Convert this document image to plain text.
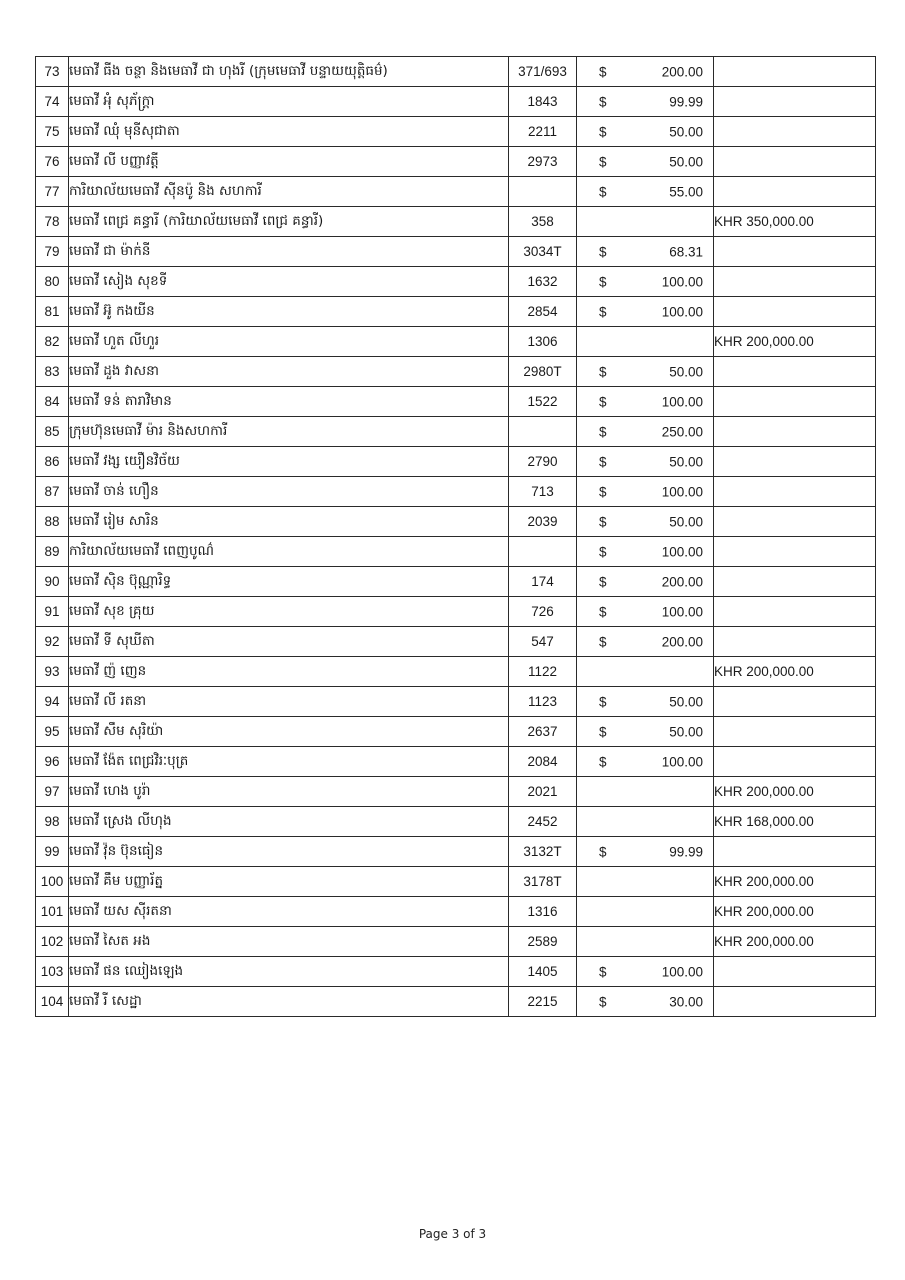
73	មេធាវី ធីង ចន្ថា និងមេធាវី ជា ហុងរី (ក្រុមមេធាវី បន្ទាយយុត្តិធម៌)	371/693	$ 200.00	

74	មេធាវី អុំ សុភ័ក្រ្តា	1843	$ 99.99	

75	មេធាវី ឈុំ មុនីសុជាតា	2211	$ 50.00	

76	មេធាវី លី បញ្ញាវត្តី	2973	$ 50.00	

77	ការិយាល័យមេធាវី ស៊ីនប៉ូ និង សហការី		$ 55.00	

78	មេធាវី ពេជ្រ គន្ធារី (ការិយាល័យមេធាវី ពេជ្រ គន្ធារី)	358		KHR 350,000.00
79	មេធាវី ជា ម៉ាក់នី	3034T	$ 68.31	

80	មេធាវី សៀង សុខទី	1632	$ 100.00	

81	មេធាវី អ៊ូ កងយីន	2854	$ 100.00	

82	មេធាវី ហួត លីហួរ	1306		KHR 200,000.00
83	មេធាវី ដួង វាសនា	2980T	$ 50.00	

84	មេធាវី ទន់ តារាវិមាន	1522	$ 100.00	

85	ក្រុមហ៊ុនមេធាវី ម៉ារ និងសហការី		$ 250.00	

86	មេធាវី វង្ស យឿនវិច័យ	2790	$ 50.00	

87	មេធាវី ចាន់ ហឿន	713	$ 100.00	

88	មេធាវី រៀម សារិន	2039	$ 50.00	

89	ការិយាល័យមេធាវី ពេញបូណ៌		$ 100.00	

90	មេធាវី ស៊ិន ប៊ុណ្ណារិទ្ធ	174	$ 200.00	

91	មេធាវី សុខ គ្រុយ	726	$ 100.00	

92	មេធាវី ទី សុឃីតា	547	$ 200.00	

93	មេធាវី ញ៉ ញេន	1122		KHR 200,000.00
94	មេធាវី លី រតនា	1123	$ 50.00	

95	មេធាវី សឹម សុរិយ៉ា	2637	$ 50.00	

96	មេធាវី ង៉ែត ពេជ្រវិរៈបុត្រ	2084	$ 100.00	

97	មេធាវី ហេង បូរ៉ា	2021		KHR 200,000.00
98	មេធាវី ស្រេង លីហុង	2452		KHR 168,000.00
99	មេធាវី វ៉ុន ប៊ុនធៀន	3132T	$ 99.99	

100	មេធាវី គឹម បញ្ញារ័ត្ន	3178T		KHR 200,000.00
101	មេធាវី យស ស៊ីរតនា	1316		KHR 200,000.00
102	មេធាវី សៃត អង	2589		KHR 200,000.00
103	មេធាវី ផន ឈៀងឡេង	1405	$ 100.00	

104	មេធាវី រី សេដ្ឋា	2215	$ 30.00	

Page 3 of 3
